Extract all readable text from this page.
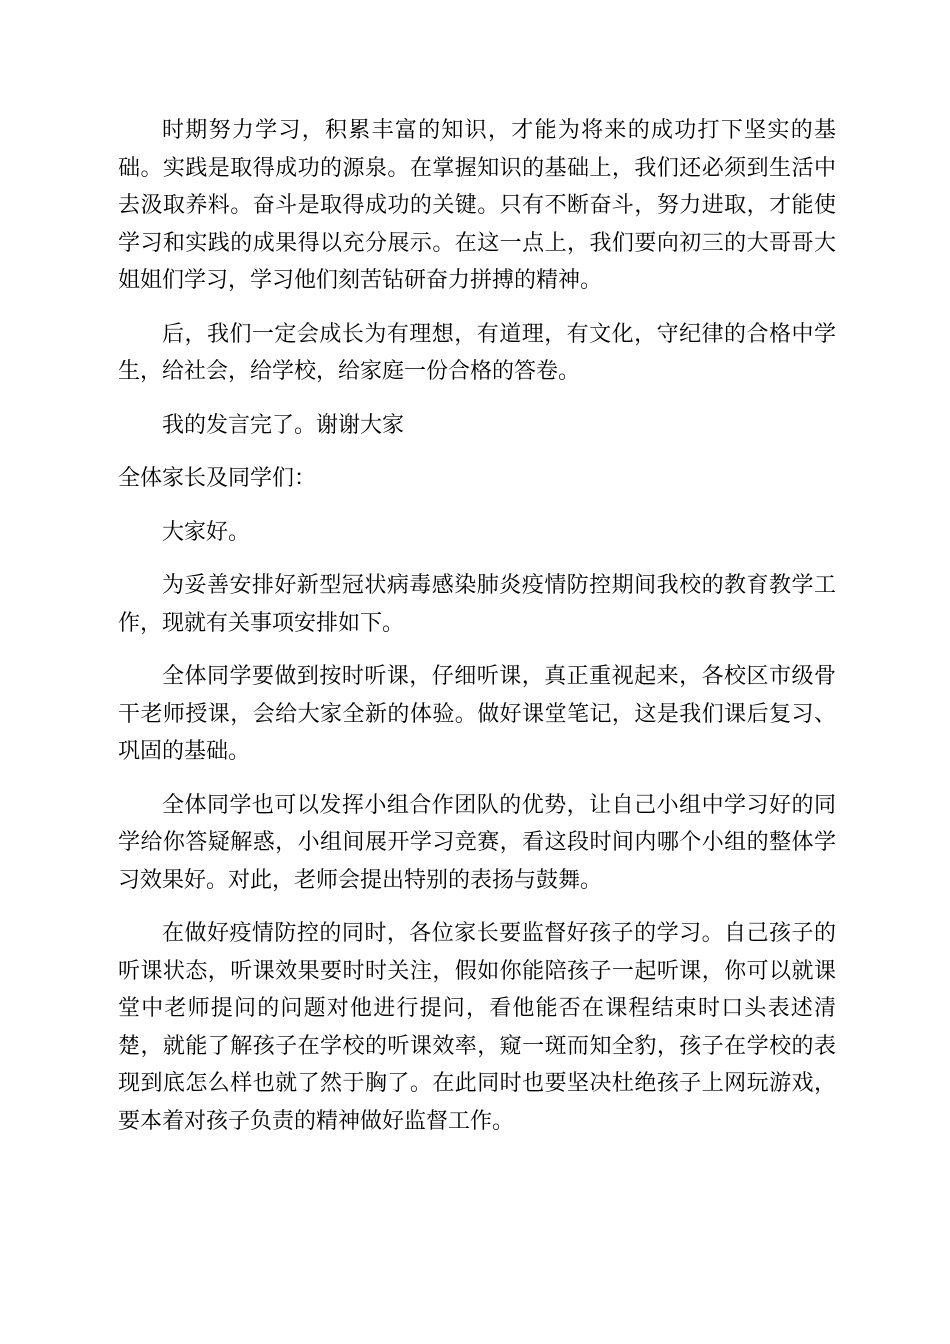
时期努力学习，积累丰富的知识，才能为将来的成功打下坚实的基础。实践是取得成功的源泉。在掌握知识的基础上，我们还必须到生活中去汲取养料。奋斗是取得成功的关键。只有不断奋斗，努力进取，才能使学习和实践的成果得以充分展示。在这一点上，我们要向初三的大哥哥大姐姐们学习，学习他们刻苦钻研奋力拼搏的精神。

后，我们一定会成长为有理想，有道理，有文化，守纪律的合格中学生，给社会，给学校，给家庭一份合格的答卷。

我的发言完了。谢谢大家

全体家长及同学们：

大家好。

为妥善安排好新型冠状病毒感染肺炎疫情防控期间我校的教育教学工作，现就有关事项安排如下。

全体同学要做到按时听课，仔细听课，真正重视起来，各校区市级骨干老师授课，会给大家全新的体验。做好课堂笔记，这是我们课后复习、巩固的基础。

全体同学也可以发挥小组合作团队的优势，让自己小组中学习好的同学给你答疑解惑，小组间展开学习竞赛，看这段时间内哪个小组的整体学习效果好。对此，老师会提出特别的表扬与鼓舞。

在做好疫情防控的同时，各位家长要监督好孩子的学习。自己孩子的听课状态，听课效果要时时关注，假如你能陪孩子一起听课，你可以就课堂中老师提问的问题对他进行提问，看他能否在课程结束时口头表述清楚，就能了解孩子在学校的听课效率，窥一斑而知全豹，孩子在学校的表现到底怎么样也就了然于胸了。在此同时也要坚决杜绝孩子上网玩游戏，要本着对孩子负责的精神做好监督工作。
